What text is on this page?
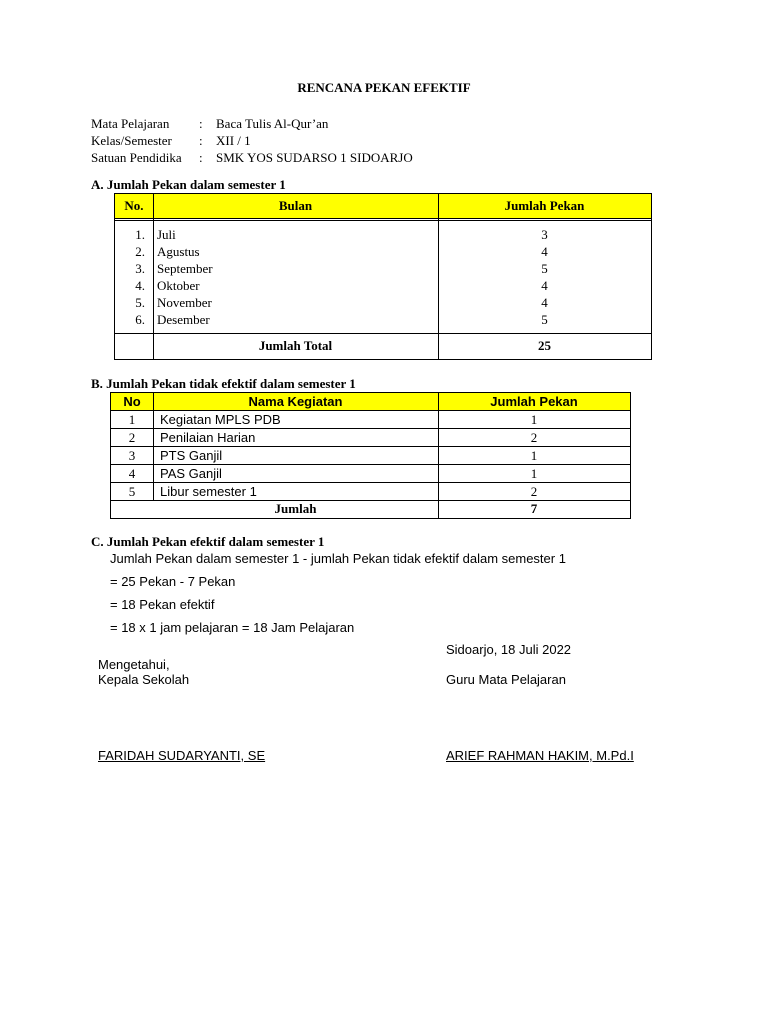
RENCANA PEKAN EFEKTIF
Mata Pelajaran : Baca Tulis Al-Qur’an
Kelas/Semester : XII / 1
Satuan Pendidika : SMK YOS SUDARSO 1 SIDOARJO
A. Jumlah Pekan dalam semester 1
No.	Bulan	Jumlah Pekan
1. Juli	3
2. Agustus	4
3. September	5
4. Oktober	4
5. November	4
6. Desember	5
Jumlah Total	25
B. Jumlah Pekan tidak efektif dalam semester 1
No	Nama Kegiatan	Jumlah Pekan
1	Kegiatan MPLS PDB	1
2	Penilaian Harian	2
3	PTS Ganjil	1
4	PAS Ganjil	1
5	Libur semester 1	2
Jumlah	7
C. Jumlah Pekan efektif dalam semester 1
Jumlah Pekan dalam semester 1 - jumlah Pekan tidak efektif dalam semester 1
= 25 Pekan - 7 Pekan
= 18 Pekan efektif
= 18 x 1 jam pelajaran = 18 Jam Pelajaran
Sidoarjo, 18 Juli 2022
Mengetahui,
Kepala Sekolah	Guru Mata Pelajaran
FARIDAH SUDARYANTI, SE	ARIEF RAHMAN HAKIM, M.Pd.I
